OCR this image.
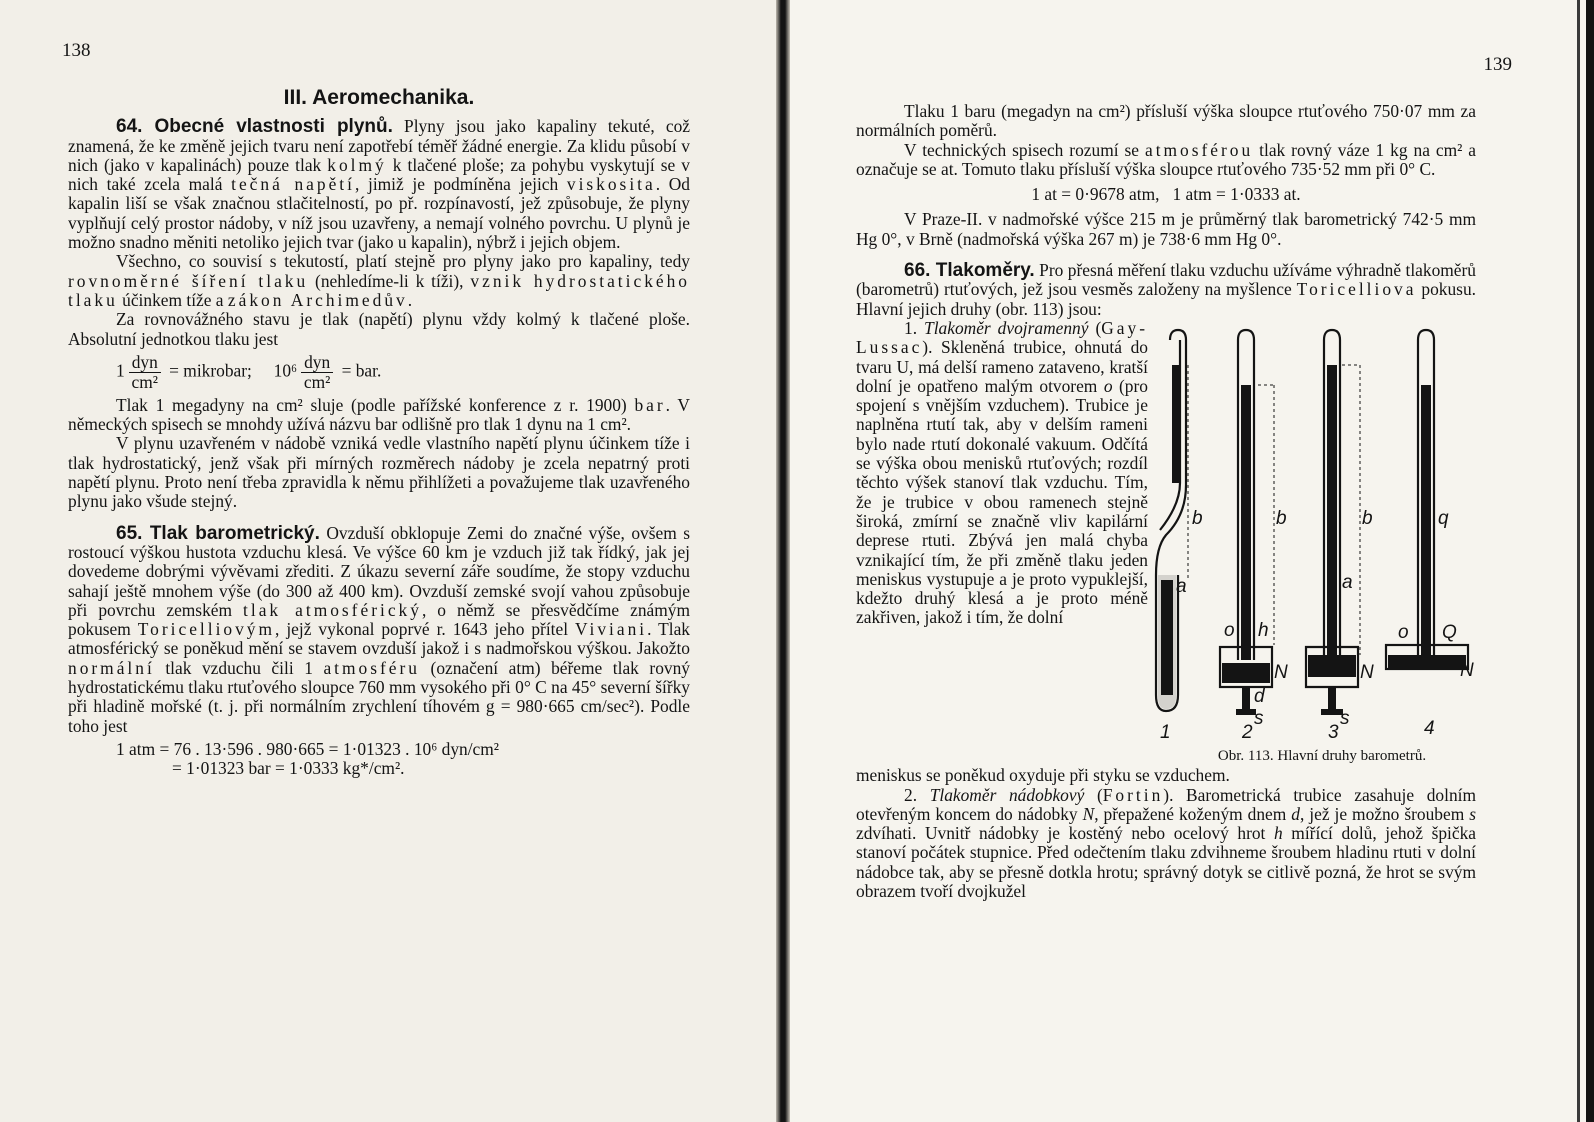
138
III. Aeromechanika.

64. Obecné vlastnosti plynů. Plyny jsou jako kapaliny tekuté, což znamená, že ke změně jejich tvaru není zapotřebí téměř žádné energie. Za klidu působí v nich (jako v kapalinách) pouze tlak kolmý k tlačené ploše; za pohybu vyskytují se v nich také zcela malá tečná napětí, jimiž je podmíněna jejich viskosita. Od kapalin liší se však značnou stlačitelností, po př. rozpínavostí, jež způsobuje, že plyny vyplňují celý prostor nádoby, v níž jsou uzavřeny, a nemají volného povrchu. U plynů je možno snadno měniti netoliko jejich tvar (jako u kapalin), nýbrž i jejich objem.

Všechno, co souvisí s tekutostí, platí stejně pro plyny jako pro kapaliny, tedy rovnoměrné šíření tlaku (nehledíme-li k tíži), vznik hydrostatického tlaku účinkem tíže a zákon Archimedův.

Za rovnovážného stavu je tlak (napětí) plynu vždy kolmý k tlačené ploše. Absolutní jednotkou tlaku jest

$1 \frac{\text{dyn}}{\text{cm²}}$ = mikrobar; $10^6 \frac{\text{dyn}}{\text{cm²}}$ = bar.

Tlak 1 megadyny na cm² sluje (podle pařížské konference z r. 1900) bar. V německých spisech se mnohdy užívá názvu bar odlišně pro tlak 1 dynu na 1 cm².

V plynu uzavřeném v nádobě vzniká vedle vlastního napětí plynu účinkem tíže i tlak hydrostatický, jenž však při mírných rozměrech nádoby je zcela nepatrný proti napětí plynu. Proto není třeba zpravidla k němu přihlížeti a považujeme tlak uzavřeného plynu jako všude stejný.

65. Tlak barometrický. Ovzduší obklopuje Zemi do značné výše, ovšem s rostoucí výškou hustota vzduchu klesá. Ve výšce 60 km je vzduch již tak řídký, jak jej dovedeme dobrými vývěvami zřediti. Z úkazu severní záře soudíme, že stopy vzduchu sahají ještě mnohem výše (do 300 až 400 km). Ovzduší zemské svojí vahou způsobuje při povrchu zemském tlak atmosférický, o němž se přesvědčíme známým pokusem Toricelliovým, jejž vykonal poprvé r. 1643 jeho přítel Viviani. Tlak atmosférický se poněkud mění se stavem ovzduší jakož i s nadmořskou výškou. Jakožto normální tlak vzduchu čili 1 atmosféru (označení atm) béřeme tlak rovný hydrostatickému tlaku rtuťového sloupce 760 mm vysokého při 0° C na 45° severní šířky při hladině mořské (t. j. při normálním zrychlení tíhovém g = 980·665 cm/sec²). Podle toho jest

1 atm = 76 . 13·596 . 980·665 = 1·01323 . 10⁶ dyn/cm²
= 1·01323 bar = 1·0333 kg*/cm².
139

Tlaku 1 baru (megadyn na cm²) přísluší výška sloupce rtuťového 750·07 mm za normálních poměrů.

V technických spisech rozumí se atmosférou tlak rovný váze 1 kg na cm² a označuje se at. Tomuto tlaku přísluší výška sloupce rtuťového 735·52 mm při 0° C.

1 at = 0·9678 atm,   1 atm = 1·0333 at.

V Praze-II. v nadmořské výšce 215 m je průměrný tlak barometrický 742·5 mm Hg 0°, v Brně (nadmořská výška 267 m) je 738·6 mm Hg 0°.

66. Tlakoměry. Pro přesná měření tlaku vzduchu užíváme výhradně tlakoměrů (barometrů) rtuťových, jež jsou vesměs založeny na myšlence Toricelliova pokusu. Hlavní jejich druhy (obr. 113) jsou:

1. Tlakoměr dvojramenný (Gay-Lussac). Skleněná trubice, ohnutá do tvaru U, má delší rameno zataveno, kratší dolní je opatřeno malým otvorem o (pro spojení s vnějším vzduchem). Trubice je naplněna rtutí tak, aby v delším rameni bylo nade rtutí dokonalé vakuum. Odčítá se výška obou menisků rtuťových; rozdíl těchto výšek stanoví tlak vzduchu. Tím, že je trubice v obou ramenech stejně široká, zmírní se značně vliv kapilární deprese rtuti. Zbývá jen malá chyba vznikající tím, že při změně tlaku jeden meniskus vystupuje a je proto vypuklejší, kdežto druhý klesá a je proto méně zakřiven, jakož i tím, že dolní

b	b	b	q
a
o h
N
d
s
a
N
s
o Q
N
1	2	3	4
Obr. 113. Hlavní druhy barometrů.

meniskus se poněkud oxyduje při styku se vzduchem.

2. Tlakoměr nádobkový (Fortin). Barometrická trubice zasahuje dolním otevřeným koncem do nádobky N, přepažené koženým dnem d, jež je možno šroubem s zdvíhati. Uvnitř nádobky je kostěný nebo ocelový hrot h mířící dolů, jehož špička stanoví počátek stupnice. Před odečtením tlaku zdvihneme šroubem hladinu rtuti v dolní nádobce tak, aby se přesně dotkla hrotu; správný dotyk se citlivě pozná, že hrot se svým obrazem tvoří dvojkužel
